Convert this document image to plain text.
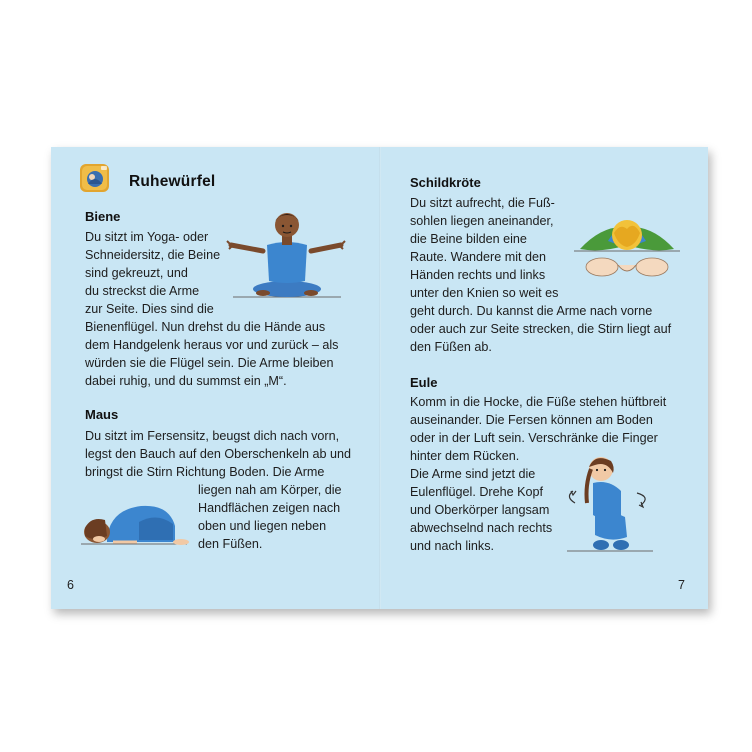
Ruhewürfel
Biene
Du sitzt im Yoga- oder
Schneidersitz, die Beine
sind gekreuzt, und
du streckst die Arme
zur Seite. Dies sind die
Bienenflügel. Nun drehst du die Hände aus
dem Handgelenk heraus vor und zurück – als
würden sie die Flügel sein. Die Arme bleiben
dabei ruhig, und du summst ein „M“.
Maus
Du sitzt im Fersensitz, beugst dich nach vorn,
legst den Bauch auf den Oberschenkeln ab und
bringst die Stirn Richtung Boden. Die Arme
liegen nah am Körper, die
Handflächen zeigen nach
oben und liegen neben
den Füßen.
6
Schildkröte
Du sitzt aufrecht, die Fuß-
sohlen liegen aneinander,
die Beine bilden eine
Raute. Wandere mit den
Händen rechts und links
unter den Knien so weit es
geht durch. Du kannst die Arme nach vorne
oder auch zur Seite strecken, die Stirn liegt auf
den Füßen ab.
Eule
Komm in die Hocke, die Füße stehen hüftbreit
auseinander. Die Fersen können am Boden
oder in der Luft sein. Verschränke die Finger
hinter dem Rücken.
Die Arme sind jetzt die
Eulenflügel. Drehe Kopf
und Oberkörper langsam
abwechselnd nach rechts
und nach links.
7
